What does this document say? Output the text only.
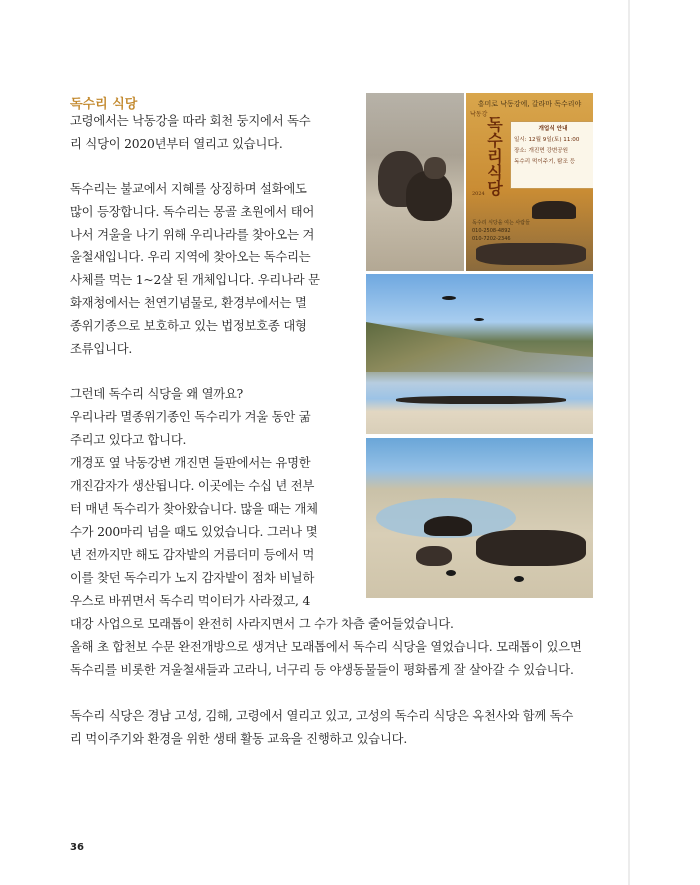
독수리 식당
고령에서는 낙동강을 따라 회천 둥지에서 독수
리 식당이 2020년부터 열리고 있습니다.
독수리는 불교에서 지혜를 상징하며 설화에도
많이 등장합니다. 독수리는 몽골 초원에서 태어
나서 겨울을 나기 위해 우리나라를 찾아오는 겨
울철새입니다. 우리 지역에 찾아오는 독수리는
사체를 먹는 1~2살 된 개체입니다. 우리나라 문
화재청에서는 천연기념물로, 환경부에서는 멸
종위기종으로 보호하고 있는 법정보호종 대형
조류입니다.
그런데 독수리 식당을 왜 열까요?
우리나라 멸종위기종인 독수리가 겨울 동안 굶
주리고 있다고 합니다.
개경포 옆 낙동강변 개진면 들판에서는 유명한
개진감자가 생산됩니다. 이곳에는 수십 년 전부
터 매년 독수리가 찾아왔습니다. 많을 때는 개체
수가 200마리 넘을 때도 있었습니다. 그러나 몇
년 전까지만 해도 감자밭의 거름더미 등에서 먹
이를 찾던 독수리가 노지 감자밭이 점차 비닐하
우스로 바뀌면서 독수리 먹이터가 사라졌고, 4
대강 사업으로 모래톱이 완전히 사라지면서 그 수가 차츰 줄어들었습니다.
올해 초 합천보 수문 완전개방으로 생겨난 모래톱에서 독수리 식당을 열었습니다. 모래톱이 있으면
독수리를 비롯한 겨울철새들과 고라니, 너구리 등 야생동물들이 평화롭게 잘 살아갈 수 있습니다.
독수리 식당은 경남 고성, 김해, 고령에서 열리고 있고, 고성의 독수리 식당은 옥천사와 함께 독수
리 먹이주기와 환경을 위한 생태 활동 교육을 진행하고 있습니다.
흥미로 낙동강에, 갈라마 독수리야
낙동강
독수리식당
개업식 안내
일시: 12월 9일(토) 11:00
장소: 개진면 강변공원
독수리 먹이주기, 탐조 등
2024
독수리 식당을 여는 사람들
010-2508-4892
010-7202-2346
36
